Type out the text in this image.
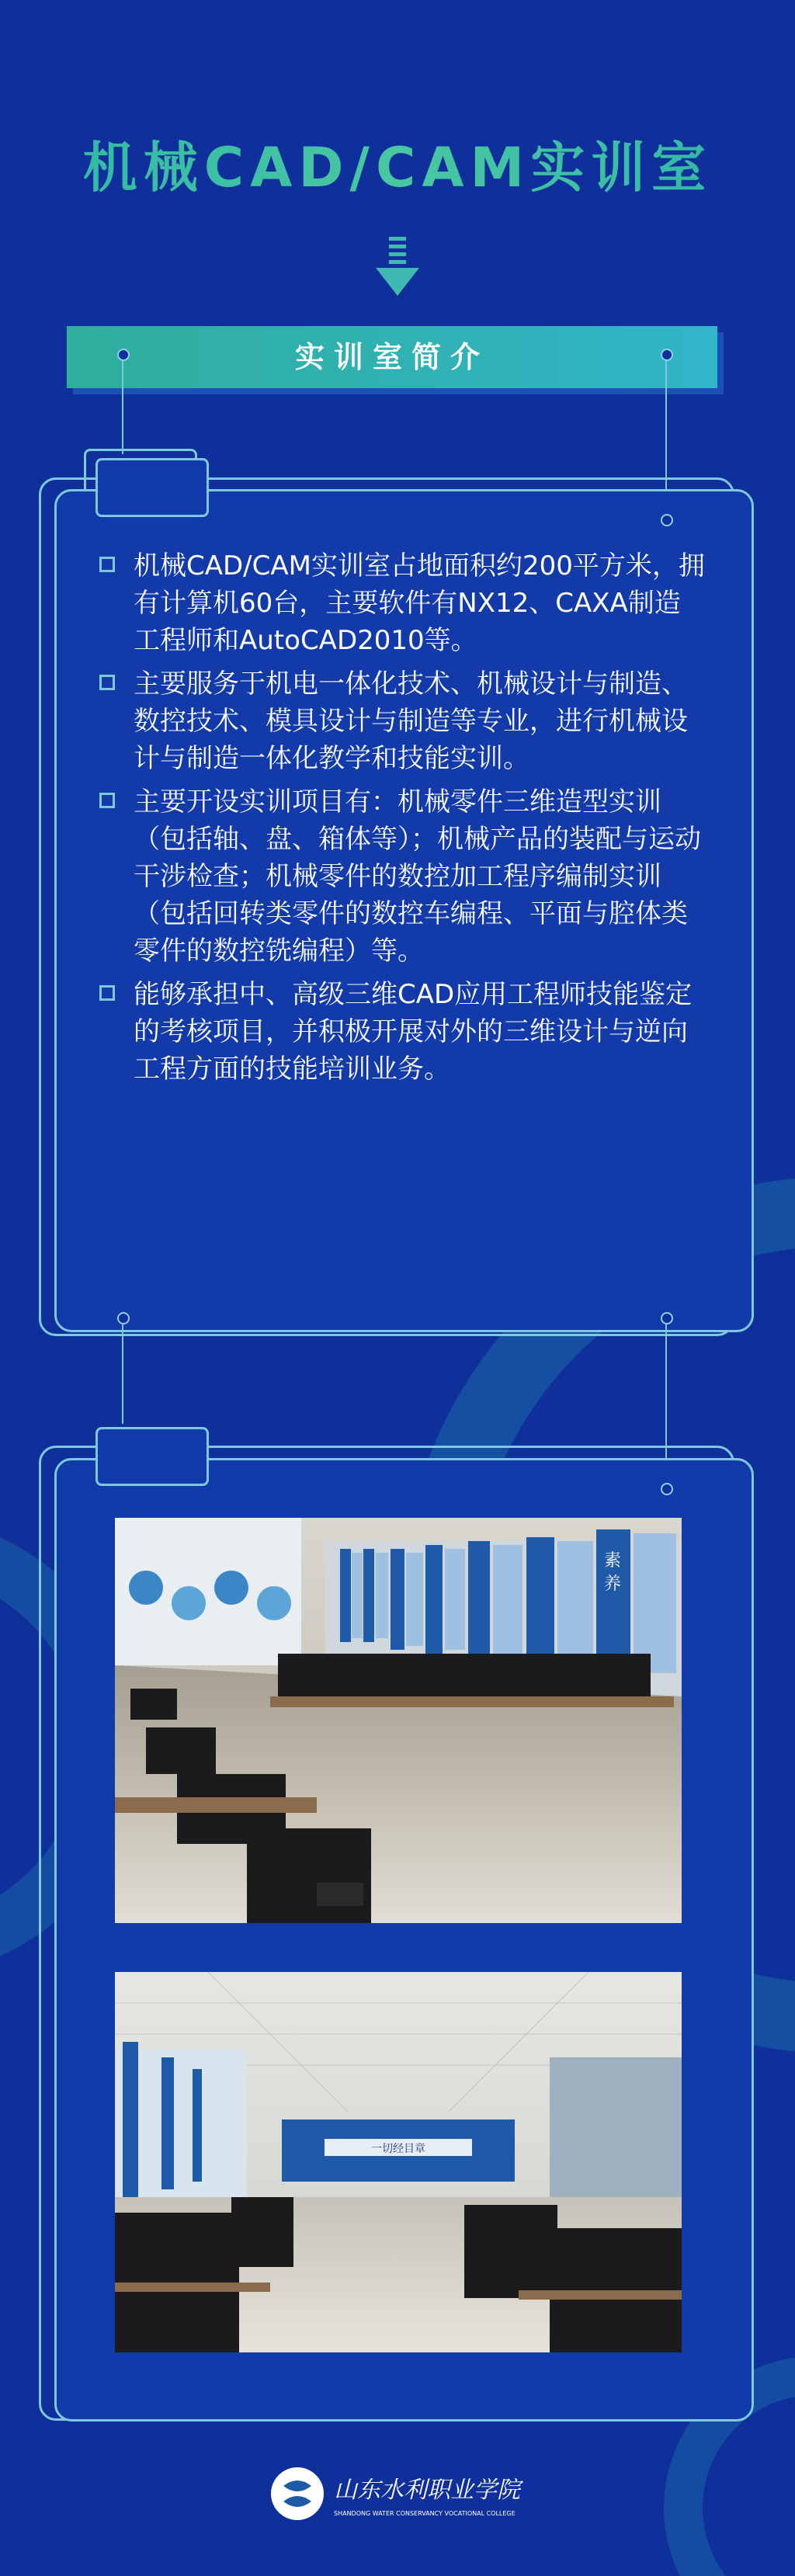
机械CAD/CAM实训室
实训室简介
机械CAD/CAM实训室占地面积约200平方米，拥有计算机60台，主要软件有NX12、CAXA制造工程师和AutoCAD2010等。
主要服务于机电一体化技术、机械设计与制造、数控技术、模具设计与制造等专业，进行机械设计与制造一体化教学和技能实训。
主要开设实训项目有：机械零件三维造型实训（包括轴、盘、箱体等）；机械产品的装配与运动干涉检查；机械零件的数控加工程序编制实训（包括回转类零件的数控车编程、平面与腔体类零件的数控铣编程）等。
能够承担中、高级三维CAD应用工程师技能鉴定的考核项目，并积极开展对外的三维设计与逆向工程方面的技能培训业务。
素
养
一切经目章
山东水利职业学院
SHANDONG WATER CONSERVANCY VOCATIONAL COLLEGE
